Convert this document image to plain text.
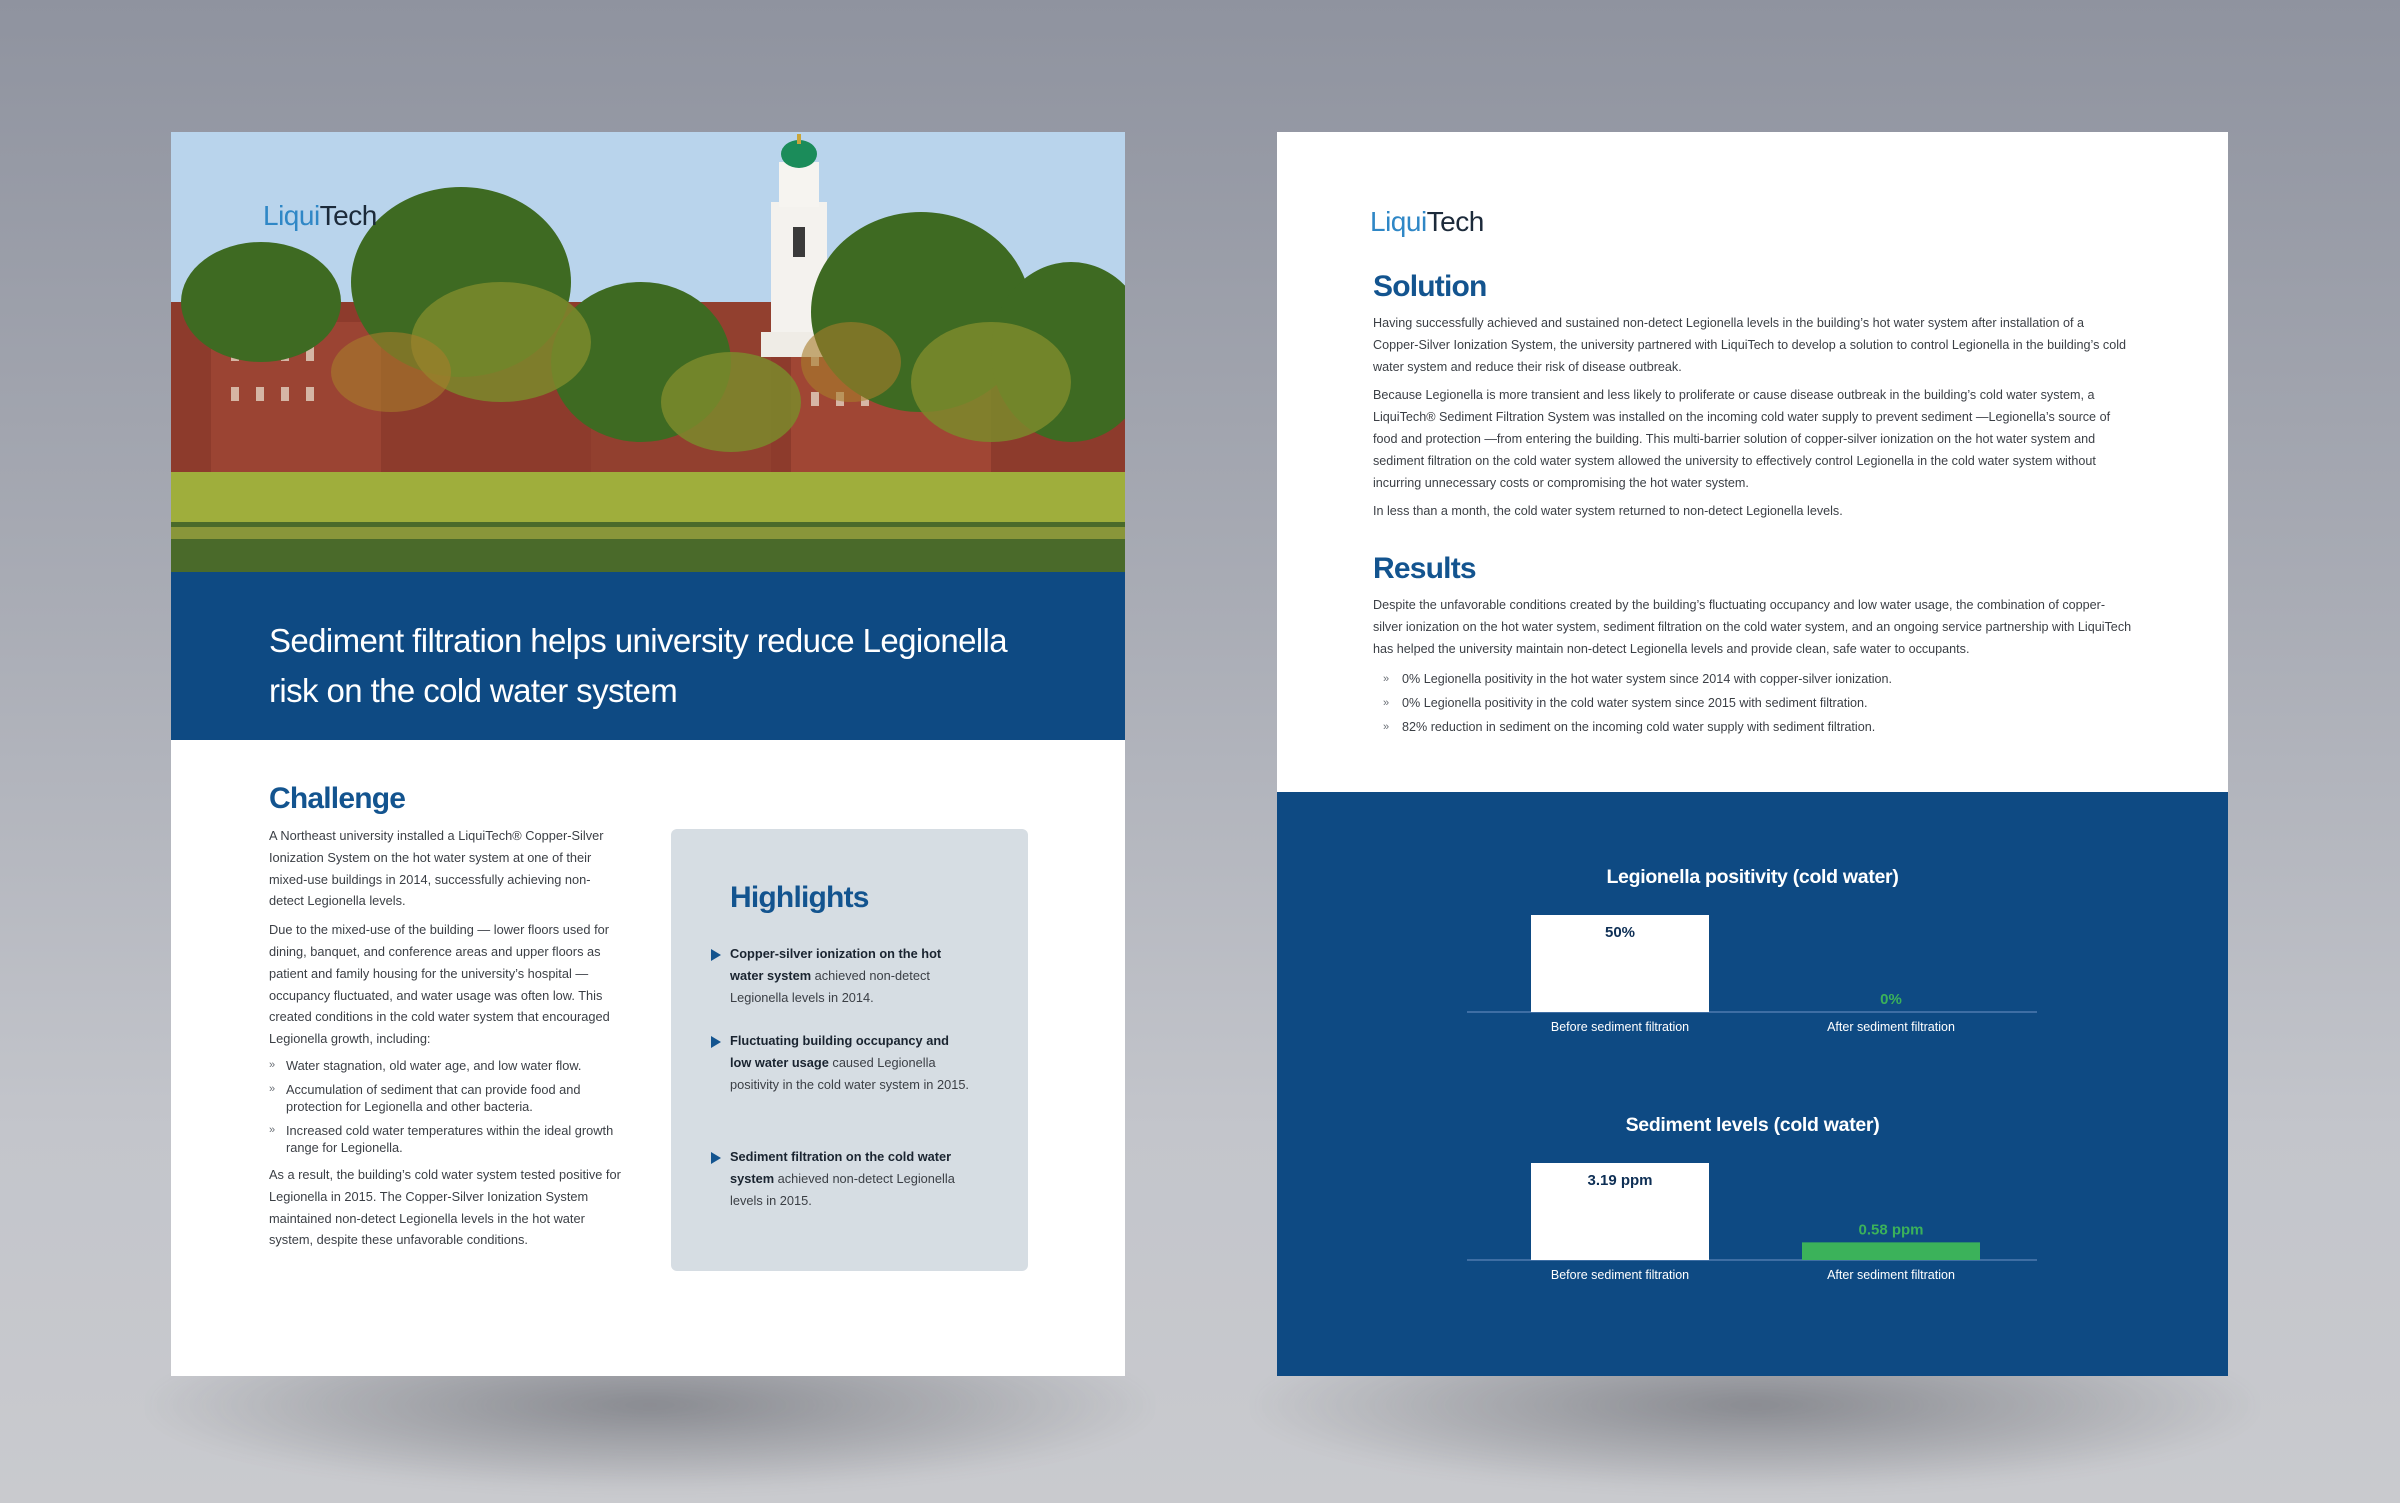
LiquiTech
Sediment filtration helps university reduce Legionella
risk on the cold water system
Challenge

A Northeast university installed a LiquiTech® Copper-Silver Ionization System on the hot water system at one of their mixed-use buildings in 2014, successfully achieving non-detect Legionella levels.

Due to the mixed-use of the building — lower floors used for dining, banquet, and conference areas and upper floors as patient and family housing for the university’s hospital — occupancy fluctuated, and water usage was often low. This created conditions in the cold water system that encouraged Legionella growth, including:

» Water stagnation, old water age, and low water flow.
» Accumulation of sediment that can provide food and protection for Legionella and other bacteria.
» Increased cold water temperatures within the ideal growth range for Legionella.

As a result, the building’s cold water system tested positive for Legionella in 2015. The Copper-Silver Ionization System maintained non-detect Legionella levels in the hot water system, despite these unfavorable conditions.

Highlights
Copper-silver ionization on the hot water system achieved non-detect Legionella levels in 2014.
Fluctuating building occupancy and low water usage caused Legionella positivity in the cold water system in 2015.
Sediment filtration on the cold water system achieved non-detect Legionella levels in 2015.
LiquiTech
Solution

Having successfully achieved and sustained non-detect Legionella levels in the building’s hot water system after installation of a Copper-Silver Ionization System, the university partnered with LiquiTech to develop a solution to control Legionella in the building’s cold water system and reduce their risk of disease outbreak.

Because Legionella is more transient and less likely to proliferate or cause disease outbreak in the building’s cold water system, a LiquiTech® Sediment Filtration System was installed on the incoming cold water supply to prevent sediment —Legionella’s source of food and protection —from entering the building. This multi-barrier solution of copper-silver ionization on the hot water system and sediment filtration on the cold water system allowed the university to effectively control Legionella in the cold water system without incurring unnecessary costs or compromising the hot water system.

In less than a month, the cold water system returned to non-detect Legionella levels.

Results

Despite the unfavorable conditions created by the building’s fluctuating occupancy and low water usage, the combination of copper-silver ionization on the hot water system, sediment filtration on the cold water system, and an ongoing service partnership with LiquiTech has helped the university maintain non-detect Legionella levels and provide clean, safe water to occupants.

» 0% Legionella positivity in the hot water system since 2014 with copper-silver ionization.
» 0% Legionella positivity in the cold water system since 2015 with sediment filtration.
» 82% reduction in sediment on the incoming cold water supply with sediment filtration.
Legionella positivity (cold water)
50%
Before sediment filtration
0%
After sediment filtration
Sediment levels (cold water)
3.19 ppm
Before sediment filtration
0.58 ppm
After sediment filtration
